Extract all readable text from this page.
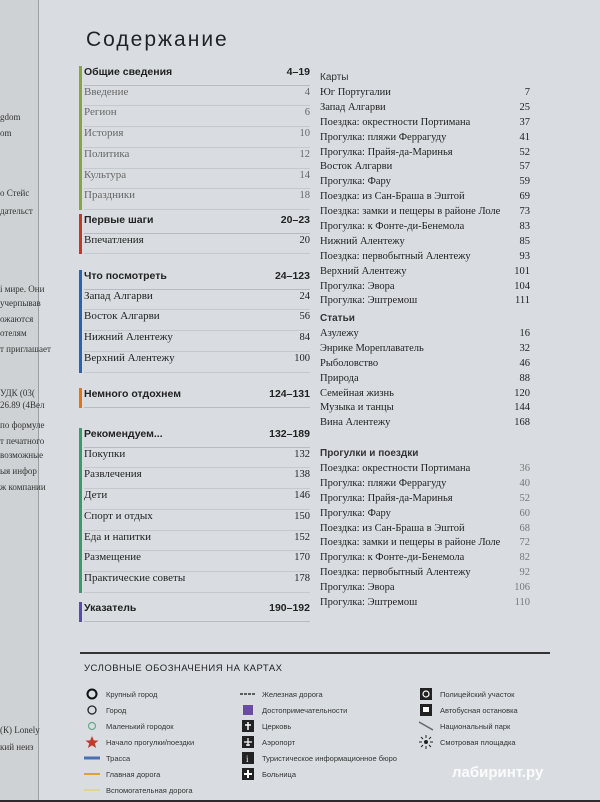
gdom
om
о Стейс
дательст
i мире. Они
учерпывав
ожаются
отелям
т приглашает
УДК (03(
26.89 (4Вел
по формуле
т печатного
возможные
ыя инфор
ж компании
(К) Lonely
кий неиз
Содержание
Общие сведения	4–19
Введение	4
Регион	6
История	10
Политика	12
Культура	14
Праздники	18
Первые шаги	20–23
Впечатления	20
Что посмотреть	24–123
Запад Алгарви	24
Восток Алгарви	56
Нижний Алентежу	84
Верхний Алентежу	100
Немного отдохнем	124–131
Рекомендуем...	132–189
Покупки	132
Развлечения	138
Дети	146
Спорт и отдых	150
Еда и напитки	152
Размещение	170
Практические советы	178
Указатель	190–192
Карты
Юг Португалии	7
Запад Алгарви	25
Поездка: окрестности Портимана	37
Прогулка: пляжи Феррагуду	41
Прогулка: Прайя-да-Маринья	52
Восток Алгарви	57
Прогулка: Фару	59
Поездка: из Сан-Браша в Эштой	69
Поездка: замки и пещеры в районе Лоле 73
Прогулка: к Фонте-ди-Бенемола	83
Нижний Алентежу	85
Поездка: первобытный Алентежу	93
Верхний Алентежу	101
Прогулка: Эвора	104
Прогулка: Эштремош	111
Статьи
Азулежу	16
Энрике Мореплаватель	32
Рыболовство	46
Природа	88
Семейная жизнь	120
Музыка и танцы	144
Вина Алентежу	168
Прогулки и поездки
Поездка: окрестности Портимана	36
Прогулка: пляжи Феррагуду	40
Прогулка: Прайя-да-Маринья	52
Прогулка: Фару	60
Поездка: из Сан-Браша в Эштой	68
Поездка: замки и пещеры в районе Лоле 72
Прогулка: к Фонте-ди-Бенемола	82
Поездка: первобытный Алентежу	92
Прогулка: Эвора	106
Прогулка: Эштремош	110
УСЛОВНЫЕ ОБОЗНАЧЕНИЯ НА КАРТАХ
Крупный город
Город
Маленький городок
Начало прогулки/поездки
Трасса
Главная дорога
Вспомогательная дорога
Железная дорога
Достопримечательности
Церковь
Аэропорт
i Туристическое информационное бюро
Больница
Полицейский участок
Автобусная остановка
Национальный парк
Смотровая площадка
лабиринт.ру
